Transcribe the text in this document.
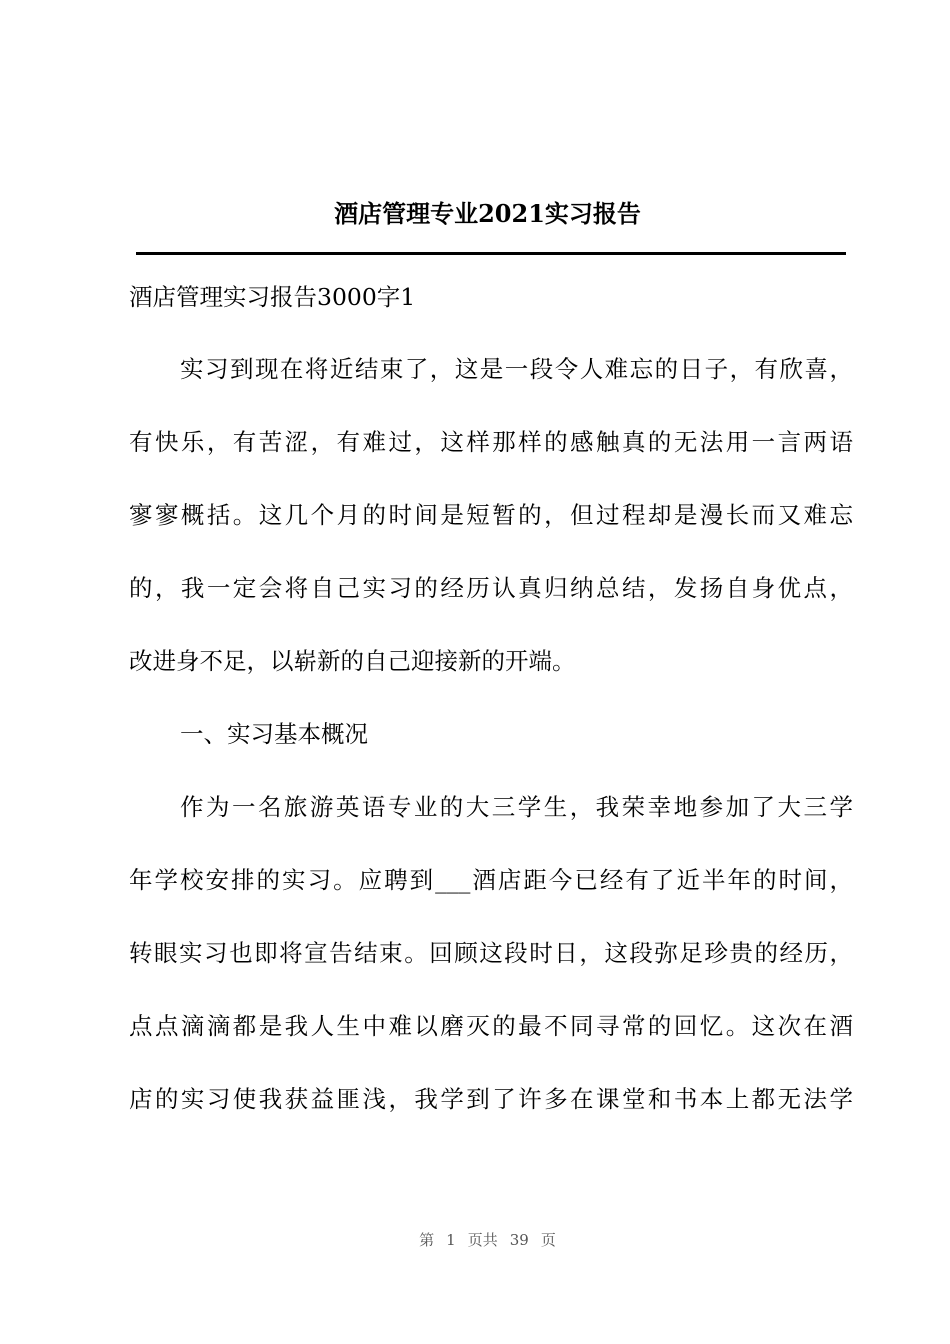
酒店管理专业2021实习报告
酒店管理实习报告3000字1
实习到现在将近结束了，这是一段令人难忘的日子，有欣喜，
有快乐，有苦涩，有难过，这样那样的感触真的无法用一言两语
寥寥概括。这几个月的时间是短暂的，但过程却是漫长而又难忘
的，我一定会将自己实习的经历认真归纳总结，发扬自身优点，
改进身不足，以崭新的自己迎接新的开端。
一、实习基本概况
作为一名旅游英语专业的大三学生，我荣幸地参加了大三学
年学校安排的实习。应聘到___酒店距今已经有了近半年的时间，
转眼实习也即将宣告结束。回顾这段时日，这段弥足珍贵的经历，
点点滴滴都是我人生中难以磨灭的最不同寻常的回忆。这次在酒
店的实习使我获益匪浅，我学到了许多在课堂和书本上都无法学
第 1 页共 39 页
